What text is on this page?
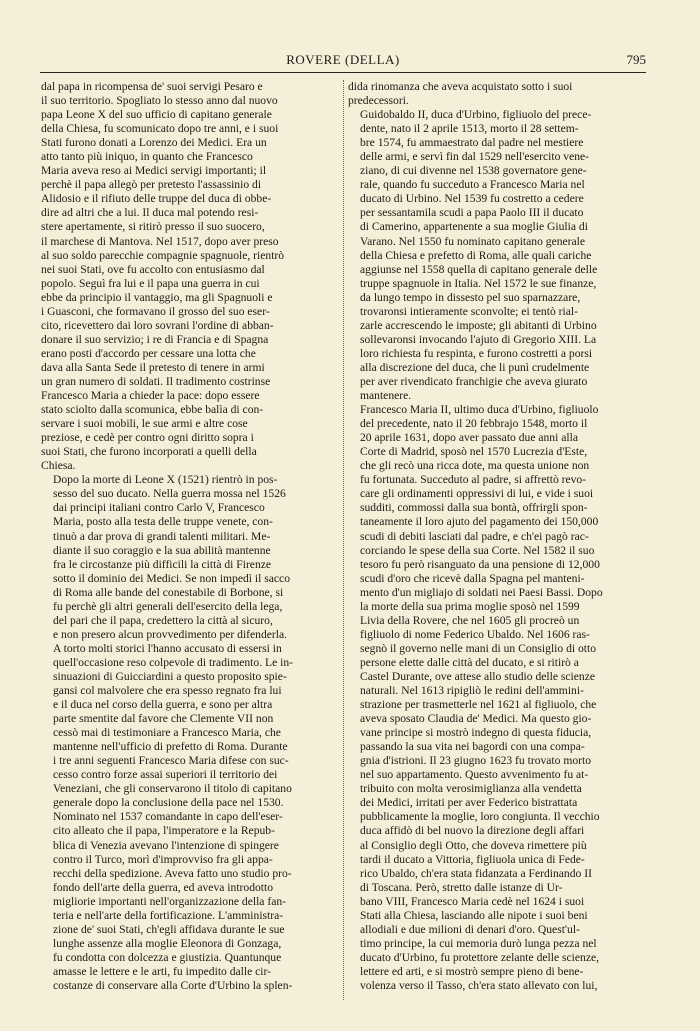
ROVERE (DELLA)	795

dal papa in ricompensa de' suoi servigi Pesaro e
il suo territorio. Spogliato lo stesso anno dal nuovo
papa Leone X del suo ufficio di capitano generale
della Chiesa, fu scomunicato dopo tre anni, e i suoi
Stati furono donati a Lorenzo dei Medici. Era un
atto tanto più iniquo, in quanto che Francesco
Maria aveva reso ai Medici servigi importanti; il
perchè il papa allegò per pretesto l'assassinio di
Alidosio e il rifiuto delle truppe del duca di obbe-
dire ad altri che a lui. Il duca mal potendo resi-
stere apertamente, si ritirò presso il suo suocero,
il marchese di Mantova. Nel 1517, dopo aver preso
al suo soldo parecchie compagnie spagnuole, rientrò
nei suoi Stati, ove fu accolto con entusiasmo dal
popolo. Seguì fra lui e il papa una guerra in cui
ebbe da principio il vantaggio, ma gli Spagnuoli e
i Guasconi, che formavano il grosso del suo eser-
cito, ricevettero dai loro sovrani l'ordine di abban-
donare il suo servizio; i re di Francia e di Spagna
erano posti d'accordo per cessare una lotta che
dava alla Santa Sede il pretesto di tenere in armi
un gran numero di soldati. Il tradimento costrinse
Francesco Maria a chieder la pace: dopo essere
stato sciolto dalla scomunica, ebbe balìa di con-
servare i suoi mobili, le sue armi e altre cose
preziose, e cedè per contro ogni diritto sopra i
suoi Stati, che furono incorporati a quelli della
Chiesa.

Dopo la morte di Leone X (1521) rientrò in pos-
sesso del suo ducato. Nella guerra mossa nel 1526
dai principi italiani contro Carlo V, Francesco
Maria, posto alla testa delle truppe venete, con-
tinuò a dar prova di grandi talenti militari. Me-
diante il suo coraggio e la sua abilità mantenne
fra le circostanze più difficili la città di Firenze
sotto il dominio dei Medici. Se non impedì il sacco
di Roma alle bande del conestabile di Borbone, si
fu perchè gli altri generali dell'esercito della lega,
del pari che il papa, credettero la città al sicuro,
e non presero alcun provvedimento per difenderla.
A torto molti storici l'hanno accusato di essersi in
quell'occasione reso colpevole di tradimento. Le in-
sinuazioni di Guicciardini a questo proposito spie-
gansi col malvolere che era spesso regnato fra lui
e il duca nel corso della guerra, e sono per altra
parte smentite dal favore che Clemente VII non
cessò mai di testimoniare a Francesco Maria, che
mantenne nell'ufficio di prefetto di Roma. Durante
i tre anni seguenti Francesco Maria difese con suc-
cesso contro forze assai superiori il territorio dei
Veneziani, che gli conservarono il titolo di capitano
generale dopo la conclusione della pace nel 1530.
Nominato nel 1537 comandante in capo dell'eser-
cito alleato che il papa, l'imperatore e la Repub-
blica di Venezia avevano l'intenzione di spingere
contro il Turco, morì d'improvviso fra gli appa-
recchi della spedizione. Aveva fatto uno studio pro-
fondo dell'arte della guerra, ed aveva introdotto
migliorie importanti nell'organizzazione della fan-
teria e nell'arte della fortificazione. L'amministra-
zione de' suoi Stati, ch'egli affidava durante le sue
lunghe assenze alla moglie Eleonora di Gonzaga,
fu condotta con dolcezza e giustizia. Quantunque
amasse le lettere e le arti, fu impedito dalle cir-
costanze di conservare alla Corte d'Urbino la splen-

dida rinomanza che aveva acquistato sotto i suoi
predecessori.

Guidobaldo II, duca d'Urbino, figliuolo del prece-
dente, nato il 2 aprile 1513, morto il 28 settem-
bre 1574, fu ammaestrato dal padre nel mestiere
delle armi, e servì fin dal 1529 nell'esercito vene-
ziano, di cui divenne nel 1538 governatore gene-
rale, quando fu succeduto a Francesco Maria nel
ducato di Urbino. Nel 1539 fu costretto a cedere
per sessantamila scudi a papa Paolo III il ducato
di Camerino, appartenente a sua moglie Giulia di
Varano. Nel 1550 fu nominato capitano generale
della Chiesa e prefetto di Roma, alle quali cariche
aggiunse nel 1558 quella di capitano generale delle
truppe spagnuole in Italia. Nel 1572 le sue finanze,
da lungo tempo in dissesto pel suo sparnazzare,
trovaronsi intieramente sconvolte; ei tentò rial-
zarle accrescendo le imposte; gli abitanti di Urbino
sollevaronsi invocando l'ajuto di Gregorio XIII. La
loro richiesta fu respinta, e furono costretti a porsi
alla discrezione del duca, che li punì crudelmente
per aver rivendicato franchigie che aveva giurato
mantenere.

Francesco Maria II, ultimo duca d'Urbino, figliuolo
del precedente, nato il 20 febbrajo 1548, morto il
20 aprile 1631, dopo aver passato due anni alla
Corte di Madrid, sposò nel 1570 Lucrezia d'Este,
che gli recò una ricca dote, ma questa unione non
fu fortunata. Succeduto al padre, si affrettò revo-
care gli ordinamenti oppressivi di lui, e vide i suoi
sudditi, commossi dalla sua bontà, offrirgli spon-
taneamente il loro ajuto del pagamento dei 150,000
scudi di debiti lasciati dal padre, e ch'ei pagò rac-
corciando le spese della sua Corte. Nel 1582 il suo
tesoro fu però risanguato da una pensione di 12,000
scudi d'oro che ricevè dalla Spagna pel manteni-
mento d'un migliajo di soldati nei Paesi Bassi. Dopo
la morte della sua prima moglie sposò nel 1599
Livia della Rovere, che nel 1605 gli procreò un
figliuolo di nome Federico Ubaldo. Nel 1606 ras-
segnò il governo nelle mani di un Consiglio di otto
persone elette dalle città del ducato, e si ritirò a
Castel Durante, ove attese allo studio delle scienze
naturali. Nel 1613 ripigliò le redini dell'ammini-
strazione per trasmetterle nel 1621 al figliuolo, che
aveva sposato Claudia de' Medici. Ma questo gio-
vane principe si mostrò indegno di questa fiducia,
passando la sua vita nei bagordi con una compa-
gnia d'istrioni. Il 23 giugno 1623 fu trovato morto
nel suo appartamento. Questo avvenimento fu at-
tribuito con molta verosimiglianza alla vendetta
dei Medici, irritati per aver Federico bistrattata
pubblicamente la moglie, loro congiunta. Il vecchio
duca affidò di bel nuovo la direzione degli affari
al Consiglio degli Otto, che doveva rimettere più
tardi il ducato a Vittoria, figliuola unica di Fede-
rico Ubaldo, ch'era stata fidanzata a Ferdinando II
di Toscana. Però, stretto dalle istanze di Ur-
bano VIII, Francesco Maria cedè nel 1624 i suoi
Stati alla Chiesa, lasciando alle nipote i suoi beni
allodiali e due milioni di denari d'oro. Quest'ul-
timo principe, la cui memoria durò lunga pezza nel
ducato d'Urbino, fu protettore zelante delle scienze,
lettere ed arti, e si mostrò sempre pieno di bene-
volenza verso il Tasso, ch'era stato allevato con lui,
